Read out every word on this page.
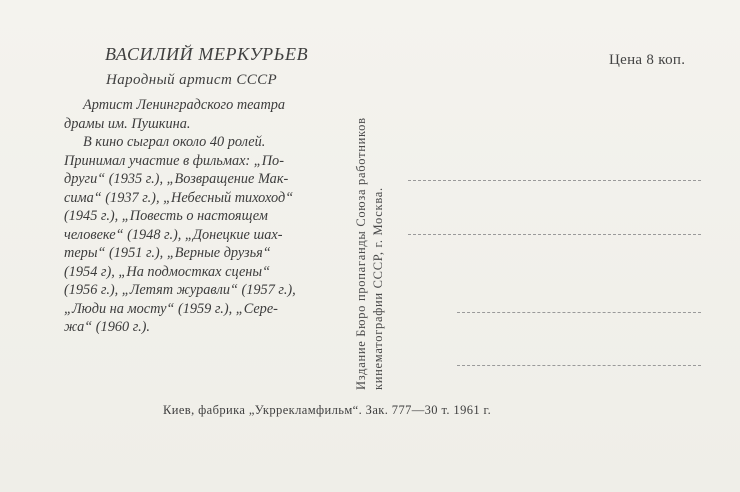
ВАСИЛИЙ МЕРКУРЬЕВ
Народный артист СССР
Артист Ленинградского театра
драмы им. Пушкина.
В кино сыграл около 40 ролей.
Принимал участие в фильмах: „По-
други“ (1935 г.), „Возвращение Мак-
сима“ (1937 г.), „Небесный тихоход“
(1945 г.), „Повесть о настоящем
человеке“ (1948 г.), „Донецкие шах-
теры“ (1951 г.), „Верные друзья“
(1954 г), „На подмостках сцены“
(1956 г.), „Летят журавли“ (1957 г.),
„Люди на мосту“ (1959 г.), „Сере-
жа“ (1960 г.).
Цена 8 коп.
Издание Бюро пропаганды Союза работников кинематографии СССР, г. Москва.
Киев, фабрика „Укррекламфильм“. Зак. 777—30 т. 1961 г.
